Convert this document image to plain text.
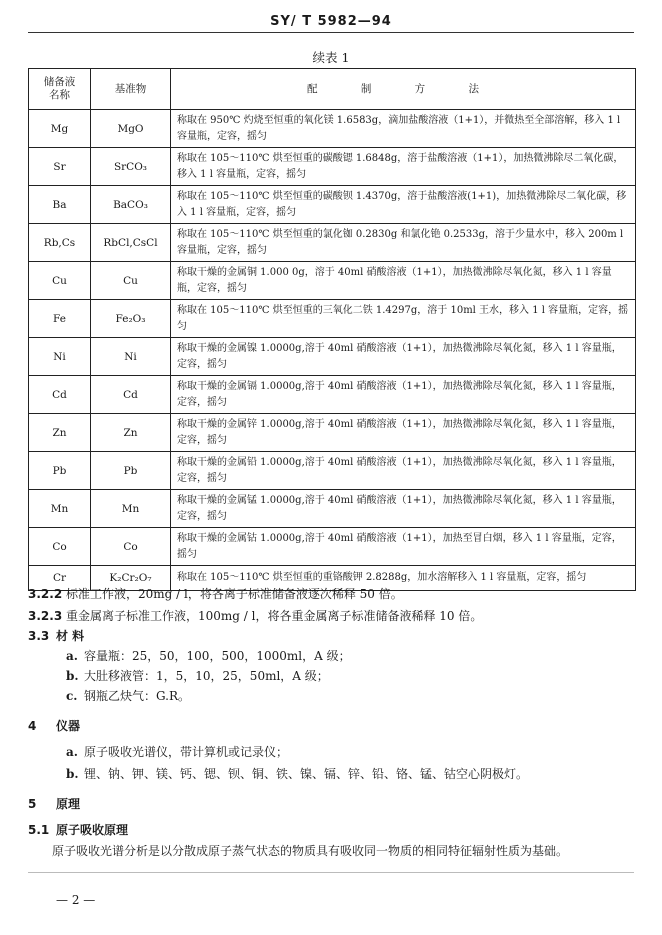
SY/ T 5982—94
续表 1
储备液
名称	基准物	配 制 方 法
Mg	MgO	称取在 950℃ 灼烧至恒重的氧化镁 1.6583g，滴加盐酸溶液（1+1），并微热至全部溶解，移入 1 l 容量瓶，定容，摇匀
Sr	SrCO₃	称取在 105～110℃ 烘至恒重的碳酸锶 1.6848g，溶于盐酸溶液（1+1），加热微沸除尽二氧化碳，移入 1 l 容量瓶，定容，摇匀
Ba	BaCO₃	称取在 105～110℃ 烘至恒重的碳酸钡 1.4370g，溶于盐酸溶液(1+1)，加热微沸除尽二氧化碳，移入 1 l 容量瓶，定容，摇匀
Rb,Cs	RbCl,CsCl	称取在 105～110℃ 烘至恒重的氯化铷 0.2830g 和氯化铯 0.2533g，溶于少量水中，移入 200m l 容量瓶，定容，摇匀
Cu	Cu	称取干燥的金属铜 1.000 0g，溶于 40ml 硝酸溶液（1+1），加热微沸除尽氧化氮，移入 1 l 容量瓶，定容，摇匀
Fe	Fe₂O₃	称取在 105～110℃ 烘至恒重的三氧化二铁 1.4297g，溶于 10ml 王水，移入 1 l 容量瓶，定容，摇匀
Ni	Ni	称取干燥的金属镍 1.0000g,溶于 40ml 硝酸溶液（1+1），加热微沸除尽氧化氮，移入 1 l 容量瓶，定容，摇匀
Cd	Cd	称取干燥的金属镉 1.0000g,溶于 40ml 硝酸溶液（1+1），加热微沸除尽氧化氮，移入 1 l 容量瓶，定容，摇匀
Zn	Zn	称取干燥的金属锌 1.0000g,溶于 40ml 硝酸溶液（1+1），加热微沸除尽氧化氮，移入 1 l 容量瓶，定容，摇匀
Pb	Pb	称取干燥的金属铅 1.0000g,溶于 40ml 硝酸溶液（1+1），加热微沸除尽氧化氮，移入 1 l 容量瓶，定容，摇匀
Mn	Mn	称取干燥的金属锰 1.0000g,溶于 40ml 硝酸溶液（1+1），加热微沸除尽氧化氮，移入 1 l 容量瓶，定容，摇匀
Co	Co	称取干燥的金属钴 1.0000g,溶于 40ml 硝酸溶液（1+1），加热至冒白烟，移入 1 l 容量瓶，定容，摇匀
Cr	K₂Cr₂O₇	称取在 105～110℃ 烘至恒重的重铬酸钾 2.8288g，加水溶解移入 1 l 容量瓶，定容，摇匀
3.2.2 标准工作液，20mg / l，将各离子标准储备液逐次稀释 50 倍。
3.2.3 重金属离子标准工作液，100mg / l，将各重金属离子标准储备液稀释 10 倍。
3.3 材 料
a. 容量瓶：25，50，100，500，1000ml，A 级；
b. 大肚移液管：1，5，10，25，50ml，A 级；
c. 钢瓶乙炔气：G.R。
4 仪器
a. 原子吸收光谱仪，带计算机或记录仪；
b. 锂、钠、钾、镁、钙、锶、钡、铜、铁、镍、镉、锌、铅、铬、锰、钴空心阴极灯。
5 原理
5.1 原子吸收原理
原子吸收光谱分析是以分散成原子蒸气状态的物质具有吸收同一物质的相同特征辐射性质为基础。
— 2 —
